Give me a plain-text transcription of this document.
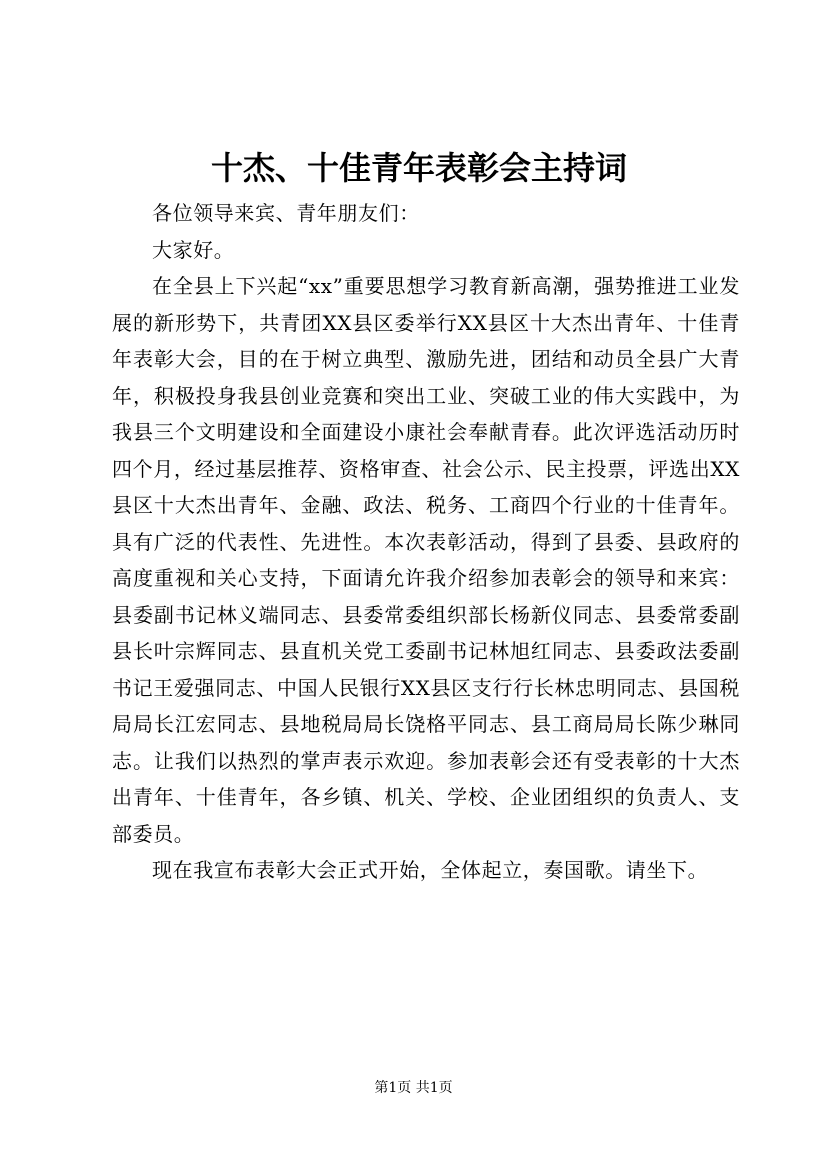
十杰、十佳青年表彰会主持词

各位领导来宾、青年朋友们：

大家好。

在全县上下兴起“xx”重要思想学习教育新高潮，强势推进工业发展的新形势下，共青团XX县区委举行XX县区十大杰出青年、十佳青年表彰大会，目的在于树立典型、激励先进，团结和动员全县广大青年，积极投身我县创业竞赛和突出工业、突破工业的伟大实践中，为我县三个文明建设和全面建设小康社会奉献青春。此次评选活动历时四个月，经过基层推荐、资格审查、社会公示、民主投票，评选出XX县区十大杰出青年、金融、政法、税务、工商四个行业的十佳青年。具有广泛的代表性、先进性。本次表彰活动，得到了县委、县政府的高度重视和关心支持，下面请允许我介绍参加表彰会的领导和来宾：县委副书记林义端同志、县委常委组织部长杨新仪同志、县委常委副县长叶宗辉同志、县直机关党工委副书记林旭红同志、县委政法委副书记王爱强同志、中国人民银行XX县区支行行长林忠明同志、县国税局局长江宏同志、县地税局局长饶格平同志、县工商局局长陈少琳同志。让我们以热烈的掌声表示欢迎。参加表彰会还有受表彰的十大杰出青年、十佳青年，各乡镇、机关、学校、企业团组织的负责人、支部委员。

现在我宣布表彰大会正式开始，全体起立，奏国歌。请坐下。

第1页 共1页
